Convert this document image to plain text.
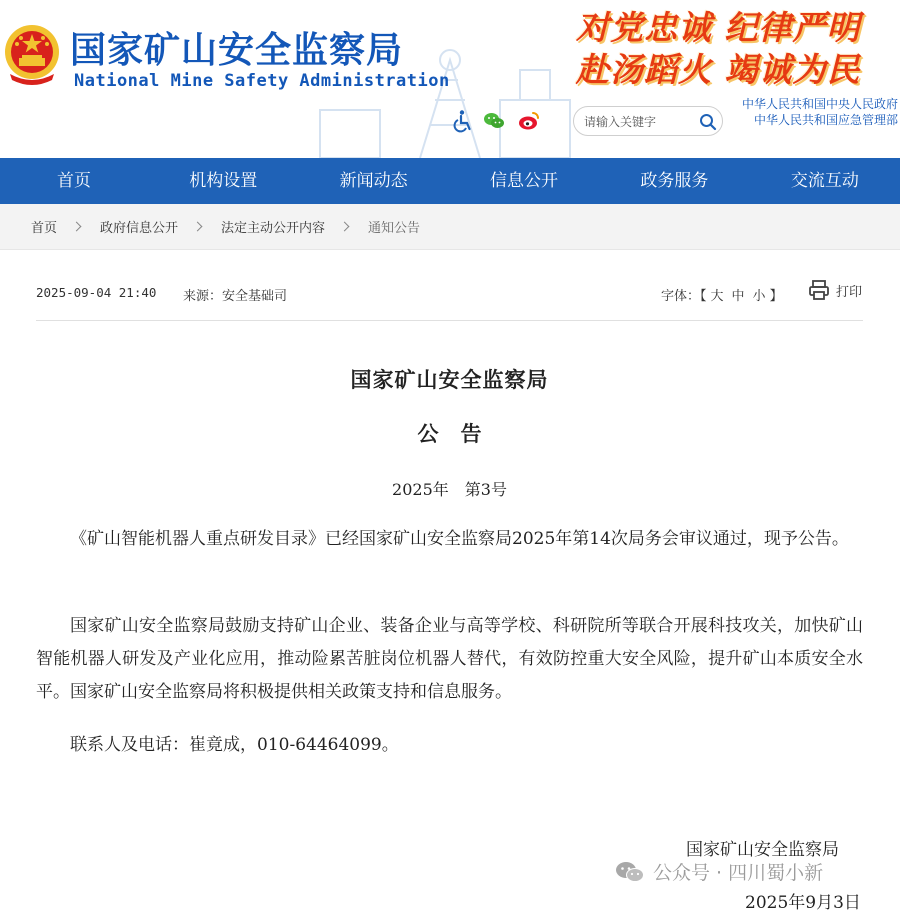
国家矿山安全监察局
National Mine Safety Administration
对党忠诚 纪律严明
赴汤蹈火 竭诚为民
请输入关键字
中华人民共和国中央人民政府
中华人民共和国应急管理部
首页	机构设置	新闻动态	信息公开	政务服务	交流互动
首页	政府信息公开	法定主动公开内容	通知公告
2025-09-04 21:40 来源：安全基础司	字体：【 大 中 小 】	打印
国家矿山安全监察局
公告
2025年　第3号

《矿山智能机器人重点研发目录》已经国家矿山安全监察局2025年第14次局务会审议通过，现予公告。

国家矿山安全监察局鼓励支持矿山企业、装备企业与高等学校、科研院所等联合开展科技攻关，加快矿山智能机器人研发及产业化应用，推动险累苦脏岗位机器人替代，有效防控重大安全风险，提升矿山本质安全水平。国家矿山安全监察局将积极提供相关政策支持和信息服务。

联系人及电话：崔竟成，010-64464099。

国家矿山安全监察局
2025年9月3日
公众号 · 四川蜀小新
